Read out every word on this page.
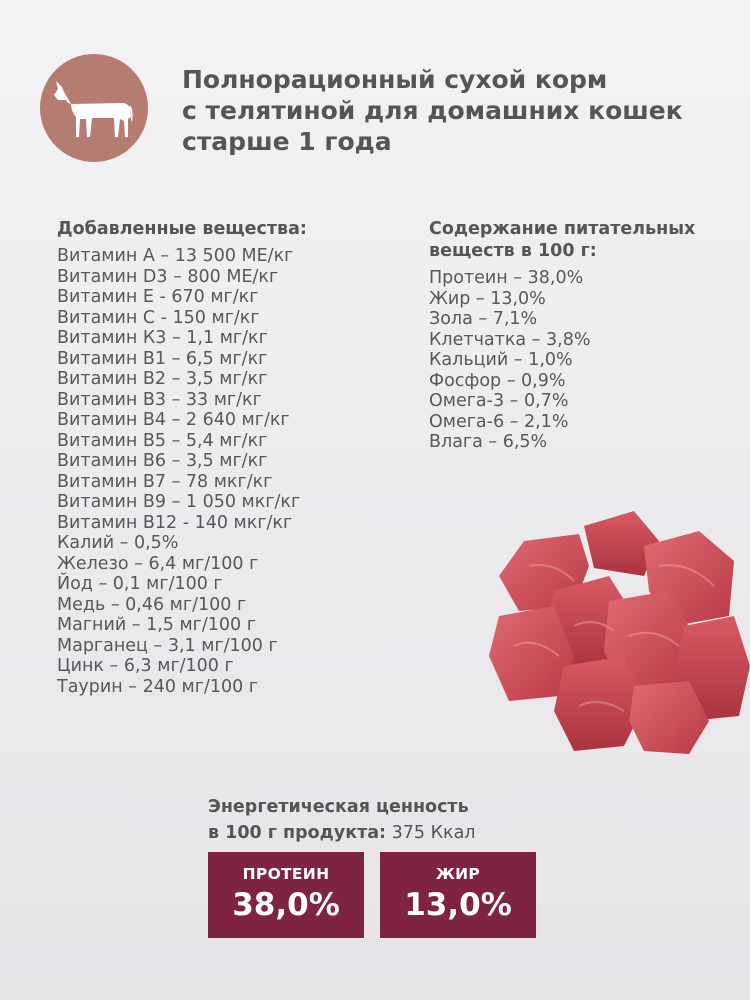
Полнорационный сухой корм
с телятиной для домашних кошек
старше 1 года
Добавленные вещества:
Витамин А – 13 500 МЕ/кг
Витамин D3 – 800 МЕ/кг
Витамин Е - 670 мг/кг
Витамин С - 150 мг/кг
Витамин К3 – 1,1 мг/кг
Витамин В1 – 6,5 мг/кг
Витамин В2 – 3,5 мг/кг
Витамин В3 – 33 мг/кг
Витамин В4 – 2 640 мг/кг
Витамин В5 – 5,4 мг/кг
Витамин В6 – 3,5 мг/кг
Витамин В7 – 78 мкг/кг
Витамин В9 – 1 050 мкг/кг
Витамин В12 - 140 мкг/кг
Калий – 0,5%
Железо – 6,4 мг/100 г
Йод – 0,1 мг/100 г
Медь – 0,46 мг/100 г
Магний – 1,5 мг/100 г
Марганец – 3,1 мг/100 г
Цинк – 6,3 мг/100 г
Таурин – 240 мг/100 г
Содержание питательных
веществ в 100 г:
Протеин – 38,0%
Жир – 13,0%
Зола – 7,1%
Клетчатка – 3,8%
Кальций – 1,0%
Фосфор – 0,9%
Омега-3 – 0,7%
Омега-6 – 2,1%
Влага – 6,5%
Энергетическая ценность
в 100 г продукта: 375 Ккал
ПРОТЕИН
38,0%
ЖИР
13,0%
